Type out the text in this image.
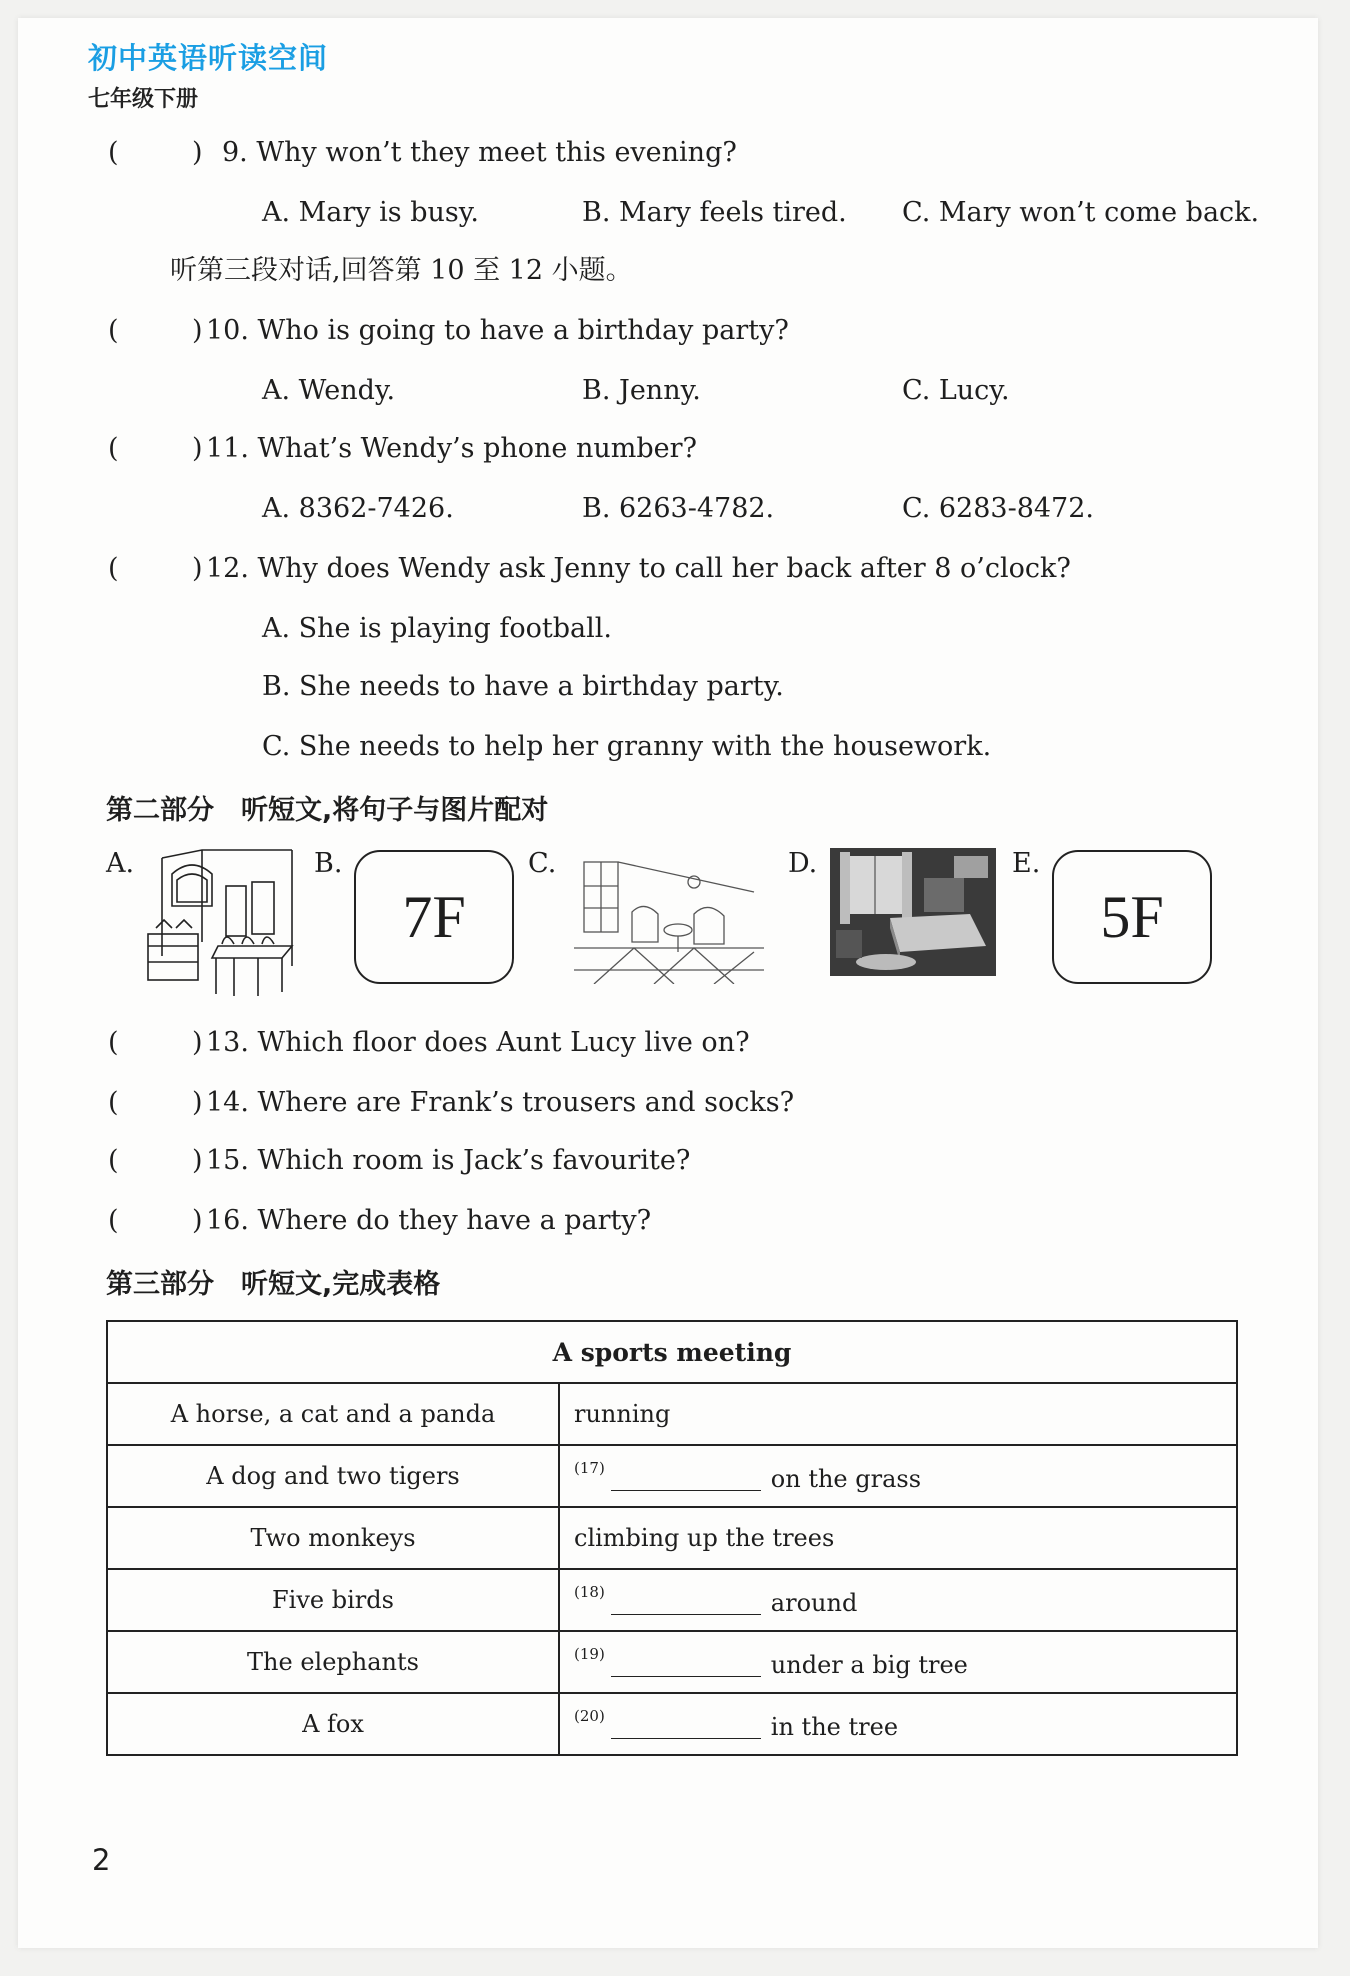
初中英语听读空间
七年级下册
(	) 9. Why won’t they meet this evening?
A. Mary is busy.	B. Mary feels tired. C. Mary won’t come back.
听第三段对话,回答第 10 至 12 小题。
(	) 10. Who is going to have a birthday party?
A. Wendy.	B. Jenny.	C. Lucy.
(	) 11. What’s Wendy’s phone number?
A. 8362-7426.	B. 6263-4782.	C. 6283-8472.
(	) 12. Why does Wendy ask Jenny to call her back after 8 o’clock?
A. She is playing football.
B. She needs to have a birthday party.
C. She needs to help her granny with the housework.
第二部分　听短文,将句子与图片配对
A.	B.	C.	D.	E.
7F	5F
(	) 13. Which floor does Aunt Lucy live on?
(	) 14. Where are Frank’s trousers and socks?
(	) 15. Which room is Jack’s favourite?
(	) 16. Where do they have a party?
第三部分　听短文,完成表格
A sports meeting	
A horse, a cat and a panda	running
A dog and two tigers	$^{(17)}$ on the grass
Two monkeys	climbing up the trees
Five birds	$^{(18)}$ around
The elephants	$^{(19)}$ under a big tree
A fox	$^{(20)}$ in the tree
2
